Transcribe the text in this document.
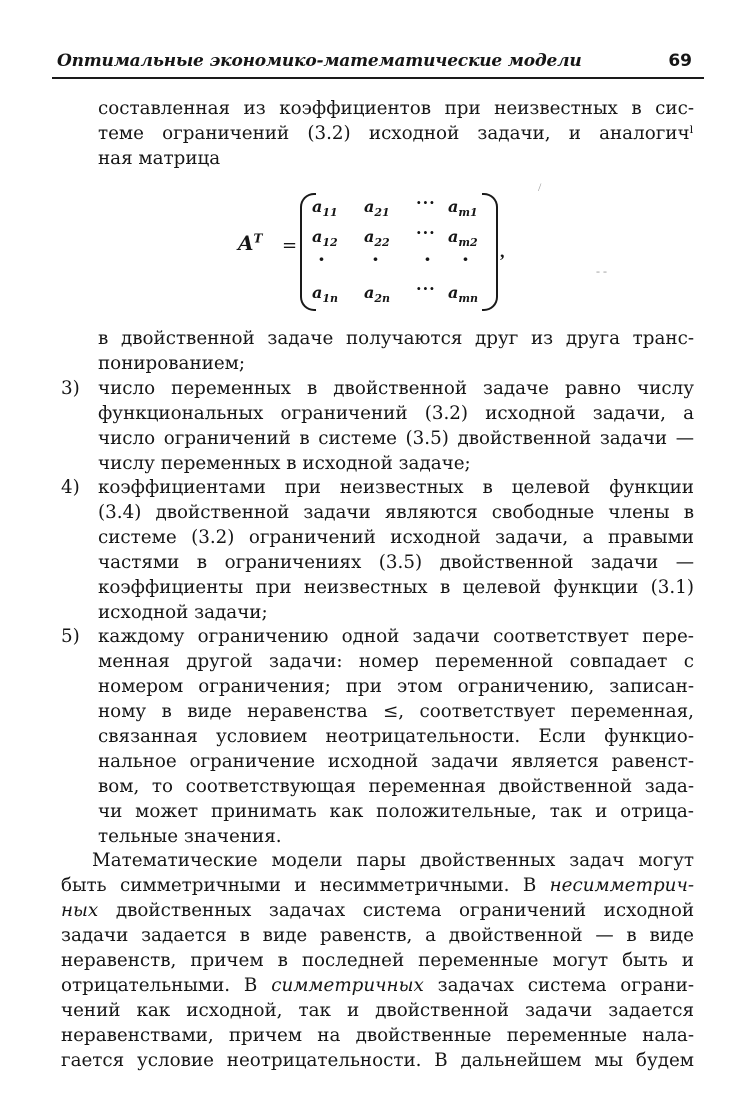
Оптимальные экономико-математические модели	69
составленная из коэффициентов при неизвестных в сис-
теме ограничений (3.2) исходной задачи, и аналогичˡ
ная матрица
$A^T$ =	,
$a_{11}$ $a_{21}$
··· $a_{m1}$
$a_{12}$ $a_{22}$
··· $a_{m2}$
· · · ·
$a_{1n}$ $a_{2n}$
··· $a_{mn}$
/
- -
в двойственной задаче получаются друг из друга транс-
понированием;
3) число переменных в двойственной задаче равно числу
функциональных ограничений (3.2) исходной задачи, а
число ограничений в системе (3.5) двойственной задачи —
числу переменных в исходной задаче;
4) коэффициентами при неизвестных в целевой функции
(3.4) двойственной задачи являются свободные члены в
системе (3.2) ограничений исходной задачи, а правыми
частями в ограничениях (3.5) двойственной задачи —
коэффициенты при неизвестных в целевой функции (3.1)
исходной задачи;
5) каждому ограничению одной задачи соответствует пере-
менная другой задачи: номер переменной совпадает с
номером ограничения; при этом ограничению, записан-
ному в виде неравенства ≤, соответствует переменная,
связанная условием неотрицательности. Если функцио-
нальное ограничение исходной задачи является равенст-
вом, то соответствующая переменная двойственной зада-
чи может принимать как положительные, так и отрица-
тельные значения.
Математические модели пары двойственных задач могут
быть симметричными и несимметричными. В несимметрич-
ных двойственных задачах система ограничений исходной
задачи задается в виде равенств, а двойственной — в виде
неравенств, причем в последней переменные могут быть и
отрицательными. В симметричных задачах система ограни-
чений как исходной, так и двойственной задачи задается
неравенствами, причем на двойственные переменные нала-
гается условие неотрицательности. В дальнейшем мы будем
